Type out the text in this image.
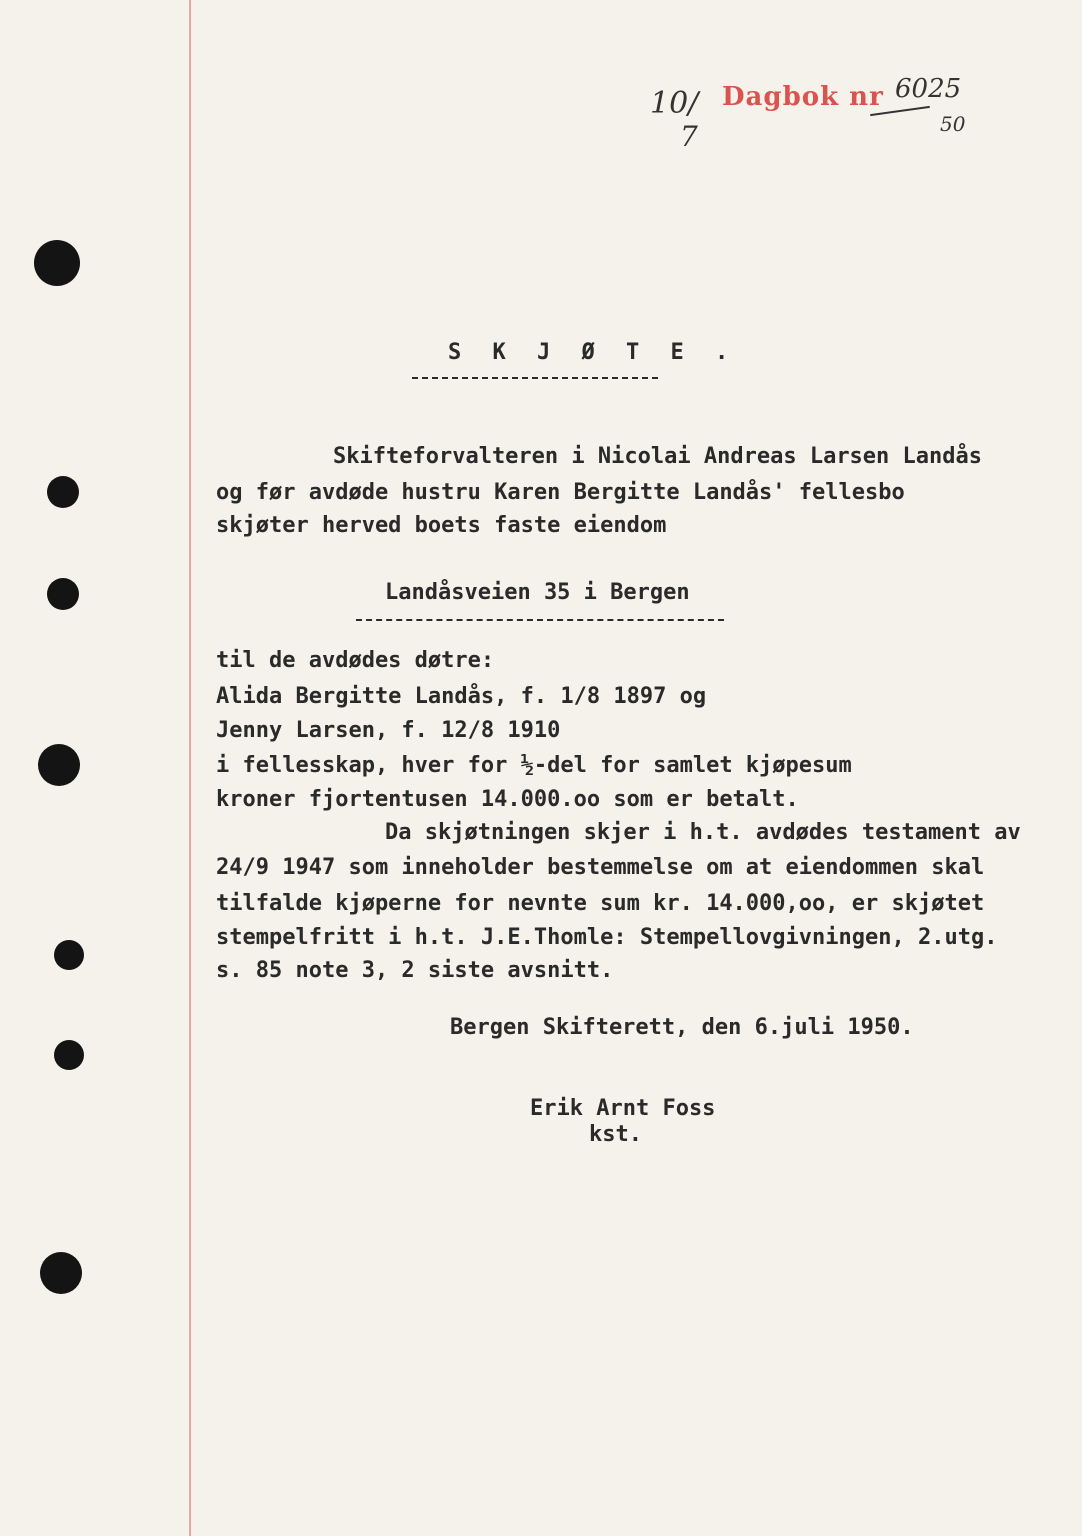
10/
7
Dagbok nr 6025
50
S K J Ø T E .
Skifteforvalteren i Nicolai Andreas Larsen Landås
og før avdøde hustru Karen Bergitte Landås' fellesbo
skjøter herved boets faste eiendom
Landåsveien 35 i Bergen
til de avdødes døtre:
Alida Bergitte Landås, f. 1/8 1897 og
Jenny Larsen, f. 12/8 1910
i fellesskap, hver for ½-del for samlet kjøpesum
kroner fjortentusen 14.000.oo som er betalt.
Da skjøtningen skjer i h.t. avdødes testament av
24/9 1947 som inneholder bestemmelse om at eiendommen skal
tilfalde kjøperne for nevnte sum kr. 14.000,oo, er skjøtet
stempelfritt i h.t. J.E.Thomle: Stempellovgivningen, 2.utg.
s. 85 note 3, 2 siste avsnitt.
Bergen Skifterett, den 6.juli 1950.
Erik Arnt Foss
kst.
